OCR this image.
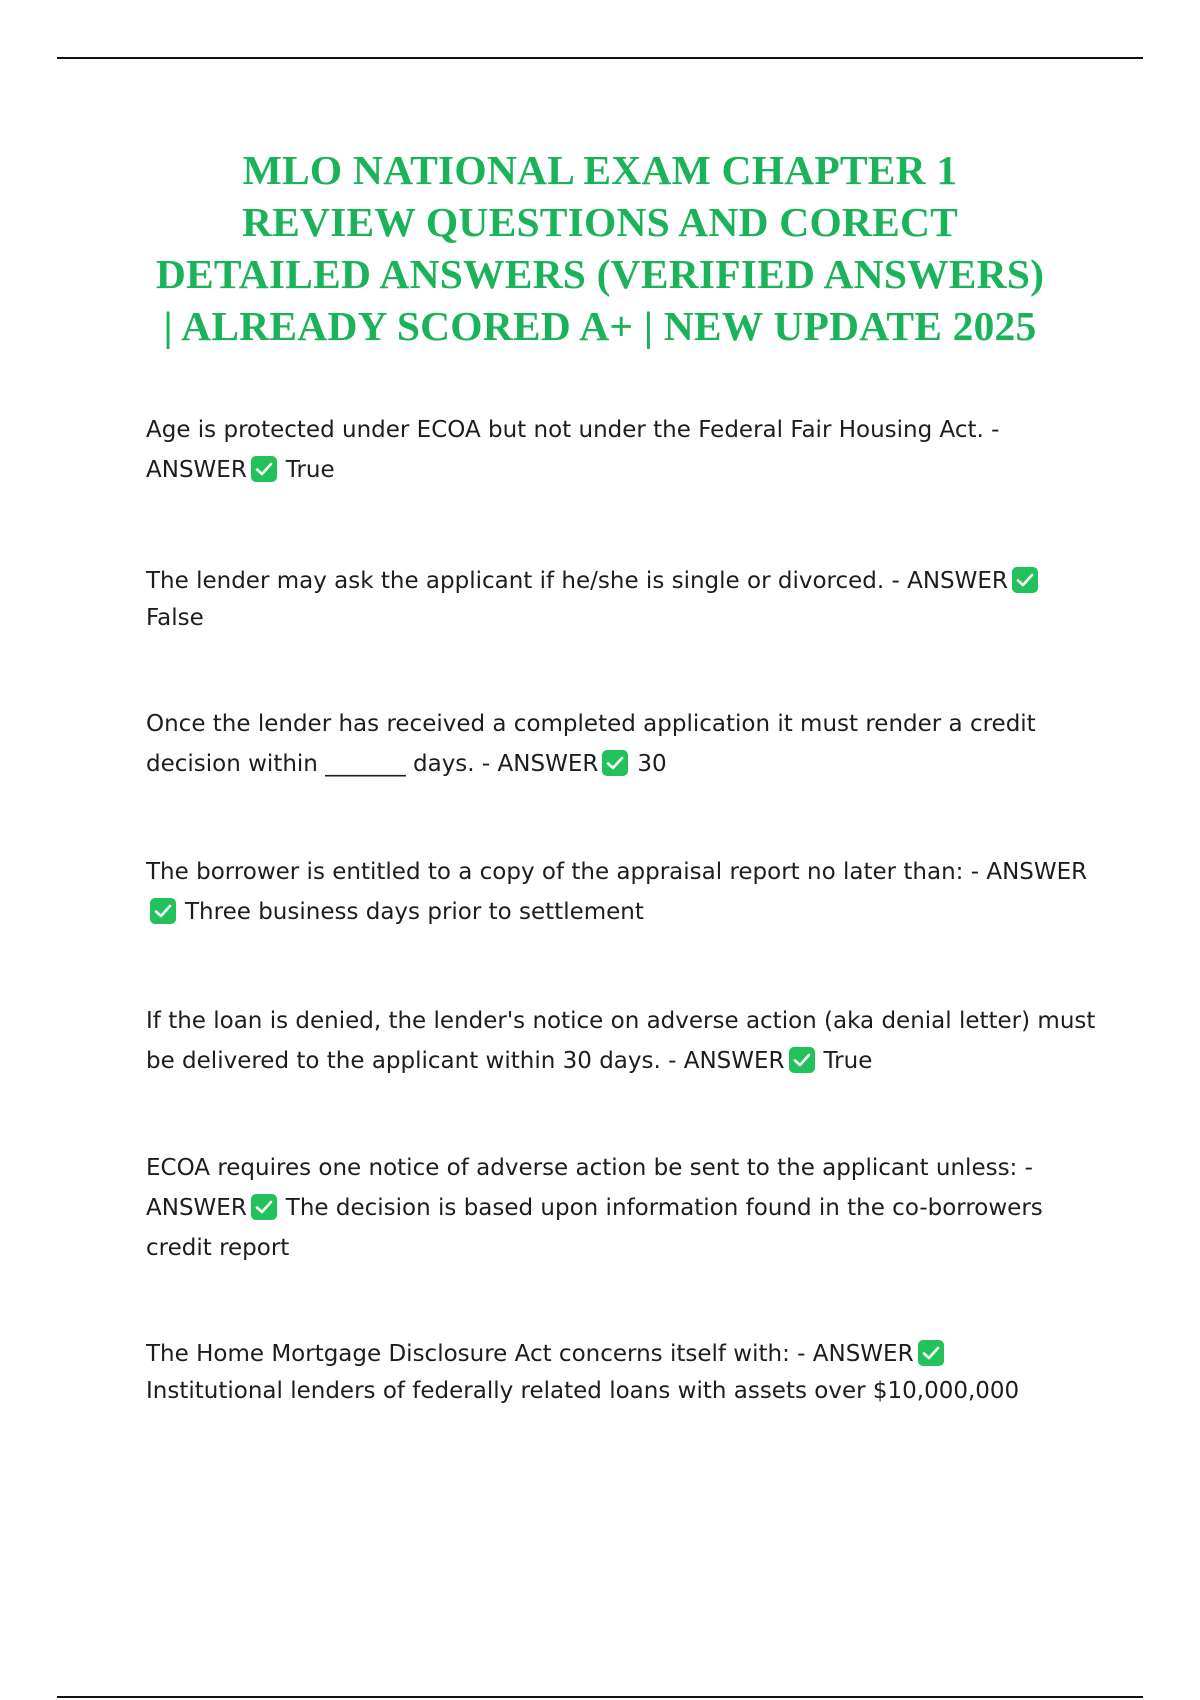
MLO NATIONAL EXAM CHAPTER 1
REVIEW QUESTIONS AND CORECT
DETAILED ANSWERS (VERIFIED ANSWERS)
| ALREADY SCORED A+ | NEW UPDATE 2025

Age is protected under ECOA but not under the Federal Fair Housing Act. - ANSWER True

The lender may ask the applicant if he/she is single or divorced. - ANSWER

False

Once the lender has received a completed application it must render a credit decision within _______ days. - ANSWER 30

The borrower is entitled to a copy of the appraisal report no later than: - ANSWER
Three business days prior to settlement

If the loan is denied, the lender's notice on adverse action (aka denial letter) must be delivered to the applicant within 30 days. - ANSWER True

ECOA requires one notice of adverse action be sent to the applicant unless: - ANSWER The decision is based upon information found in the co-borrowers credit report

The Home Mortgage Disclosure Act concerns itself with: - ANSWER

Institutional lenders of federally related loans with assets over $10,000,000
